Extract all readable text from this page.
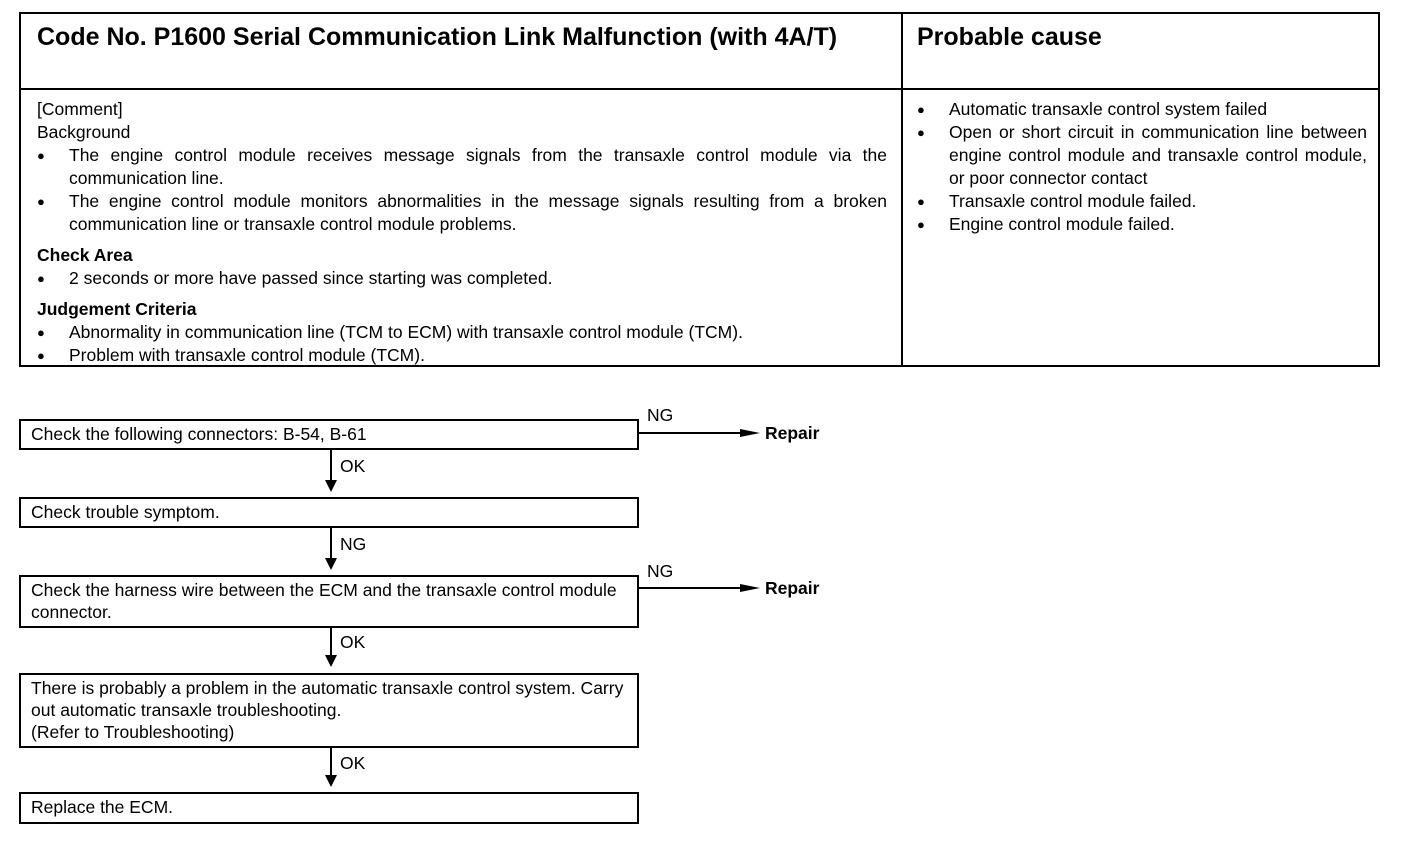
Code No. P1600 Serial Communication Link Malfunction (with 4A/T)	Probable cause

[Comment]

Background

● The engine control module receives message signals from the transaxle control module via the communication line.
● The engine control module monitors abnormalities in the message signals resulting from a broken communication line or transaxle control module problems.

Check Area

● 2 seconds or more have passed since starting was completed.

Judgement Criteria

● Abnormality in communication line (TCM to ECM) with transaxle control module (TCM).
● Problem with transaxle control module (TCM).
● Automatic transaxle control system failed
● Open or short circuit in communication line between engine control module and transaxle control module, or poor connector contact
● Transaxle control module failed.
● Engine control module failed.
Check the following connectors: B-54, B-61
NG
Repair
OK
Check trouble symptom.
NG
Check the harness wire between the ECM and the transaxle control module connector.
NG
Repair
OK
There is probably a problem in the automatic transaxle control system. Carry out automatic transaxle troubleshooting.
(Refer to Troubleshooting)
OK
Replace the ECM.
